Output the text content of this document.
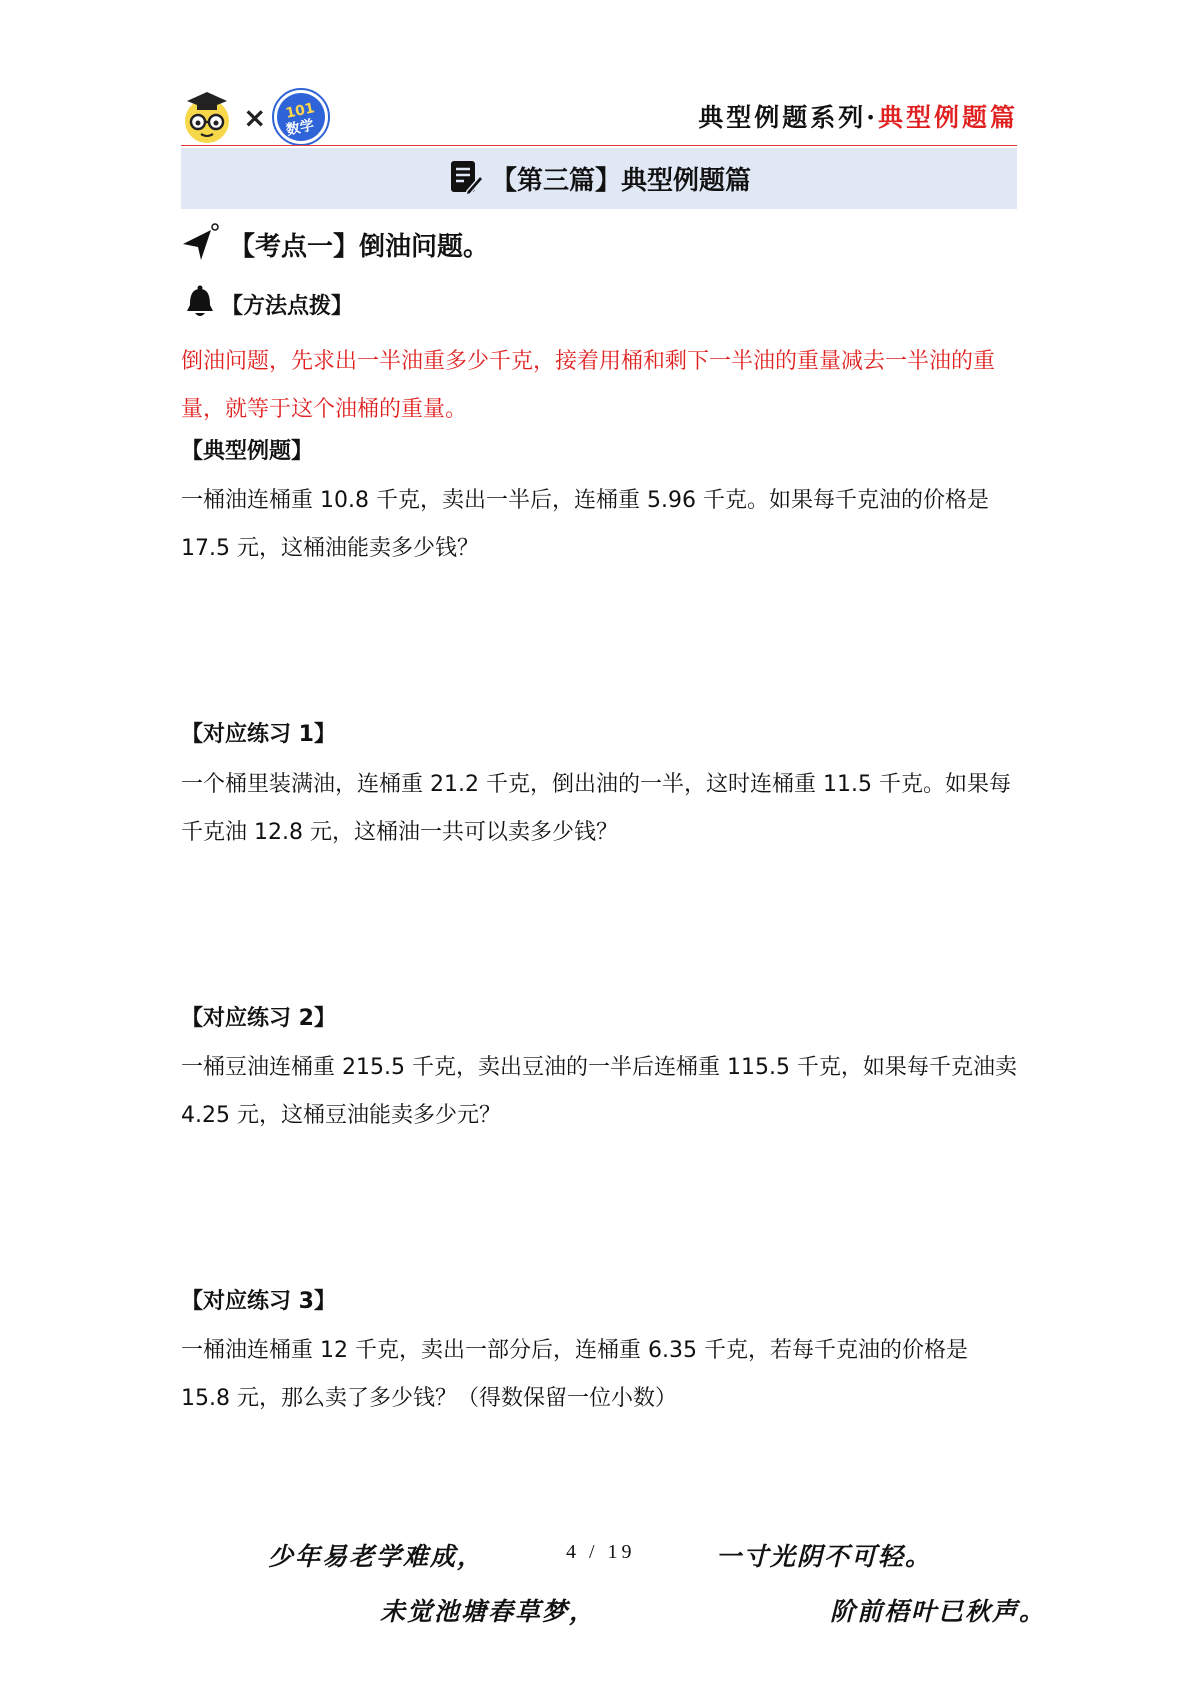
× 101
数学	典型例题系列·典型例题篇
【第三篇】典型例题篇
【考点一】倒油问题。
【方法点拨】
倒油问题，先求出一半油重多少千克，接着用桶和剩下一半油的重量减去一半油的重量，就等于这个油桶的重量。
【典型例题】
一桶油连桶重 10.8 千克，卖出一半后，连桶重 5.96 千克。如果每千克油的价格是 17.5 元，这桶油能卖多少钱？
【对应练习 1】
一个桶里装满油，连桶重 21.2 千克，倒出油的一半，这时连桶重 11.5 千克。如果每千克油 12.8 元，这桶油一共可以卖多少钱？
【对应练习 2】
一桶豆油连桶重 215.5 千克，卖出豆油的一半后连桶重 115.5 千克，如果每千克油卖 4.25 元，这桶豆油能卖多少元？
【对应练习 3】
一桶油连桶重 12 千克，卖出一部分后，连桶重 6.35 千克，若每千克油的价格是 15.8 元，那么卖了多少钱？（得数保留一位小数）
少年易老学难成，	4 / 19	一寸光阴不可轻。
未觉池塘春草梦，	阶前梧叶已秋声。
